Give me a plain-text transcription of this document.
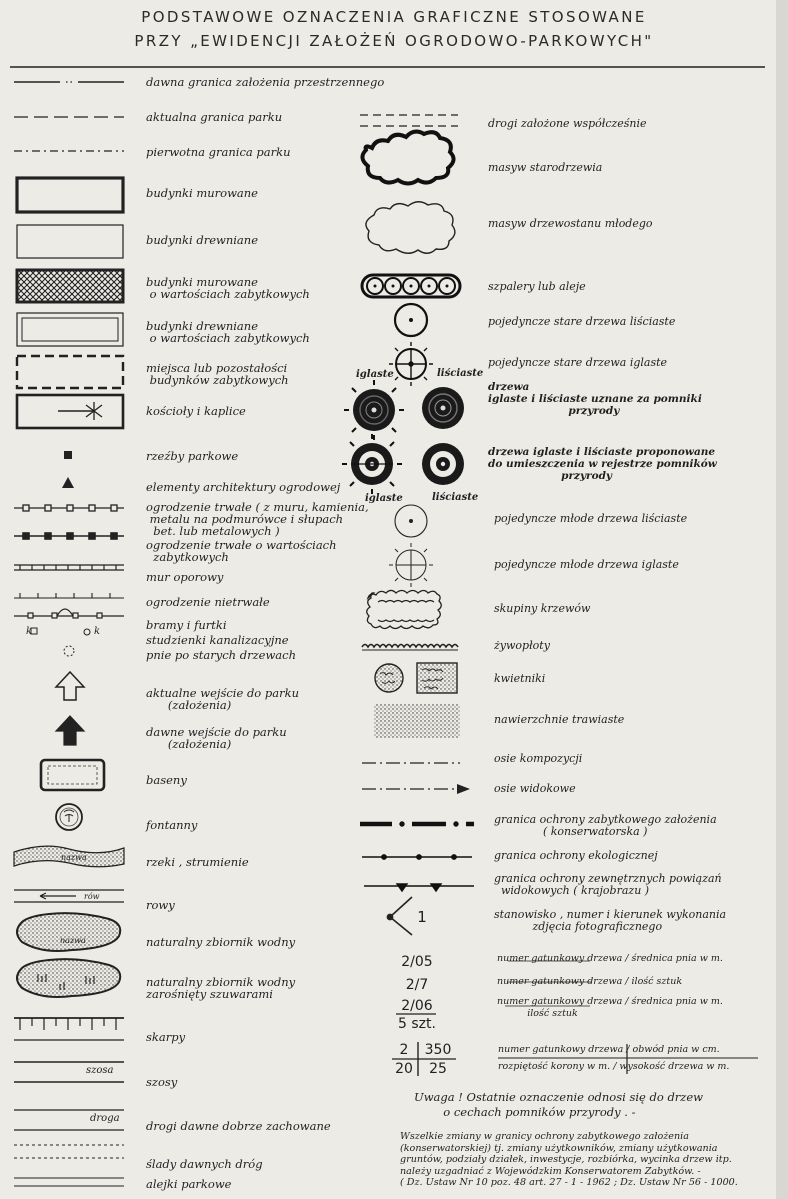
PODSTAWOWE OZNACZENIA GRAFICZNE STOSOWANE
PRZY „EWIDENCJI ZAŁOŻEŃ OGRODOWO-PARKOWYCH"
dawna granica założenia przestrzennego
aktualna granica parku
pierwotna granica parku
budynki murowane
budynki drewniane
budynki murowane
o wartościach zabytkowych
budynki drewniane
o wartościach zabytkowych
miejsca lub pozostałości
budynków zabytkowych
kościoły i kaplice
rzeźby parkowe
elementy architektury ogrodowej
ogrodzenie trwałe ( z muru, kamienia,
metalu na podmurówce i słupach
bet. lub metalowych )
ogrodzenie trwałe o wartościach
zabytkowych
mur oporowy
ogrodzenie nietrwałe
bramy i furtki
studzienki kanalizacyjne
pnie po starych drzewach
aktualne wejście do parku
(założenia)
dawne wejście do parku
(założenia)
baseny
fontanny
rzeki , strumienie
rowy
naturalny zbiornik wodny
naturalny zbiornik wodny
zarośnięty szuwarami
skarpy
szosy
drogi dawne dobrze zachowane
ślady dawnych dróg
alejki parkowe
k	k
nazwa
rów
nazwa
szosa
droga
iglaste	liściaste
iglaste	liściaste
drogi założone współcześnie
masyw starodrzewia
masyw drzewostanu młodego
szpalery lub aleje
pojedyncze stare drzewa liściaste
pojedyncze stare drzewa iglaste
drzewa
iglaste i liściaste uznane za pomniki
przyrody
drzewa iglaste i liściaste proponowane
do umieszczenia w rejestrze pomników
przyrody
pojedyncze młode drzewa liściaste
pojedyncze młode drzewa iglaste
skupiny krzewów
żywopłoty
kwietniki
nawierzchnie trawiaste
osie kompozycji
osie widokowe
granica ochrony zabytkowego założenia
( konserwatorska )
granica ochrony ekologicznej
granica ochrony zewnętrznych powiązań
widokowych ( krajobrazu )
stanowisko , numer i kierunek wykonania
zdjęcia fotograficznego
numer gatunkowy drzewa / średnica pnia w m.
numer gatunkowy drzewa / ilość sztuk
numer gatunkowy drzewa / średnica pnia w m.
ilość sztuk
numer gatunkowy drzewa / obwód pnia w cm.
rozpiętość korony w m. / wysokość drzewa w m.
2/05
2/7
2/06
5 szt.
2	350
20	25
1
Uwaga ! Ostatnie oznaczenie odnosi się do drzew
o cechach pomników przyrody . -
Wszelkie zmiany w granicy ochrony zabytkowego założenia
(konserwatorskiej) tj. zmiany użytkowników, zmiany użytkowania
gruntów, podziały działek, inwestycje, rozbiórka, wycinka drzew itp.
należy uzgadniać z Wojewódzkim Konserwatorem Zabytków. -
( Dz. Ustaw Nr 10 poz. 48 art. 27 - 1 - 1962 ; Dz. Ustaw Nr 56 - 1000.
